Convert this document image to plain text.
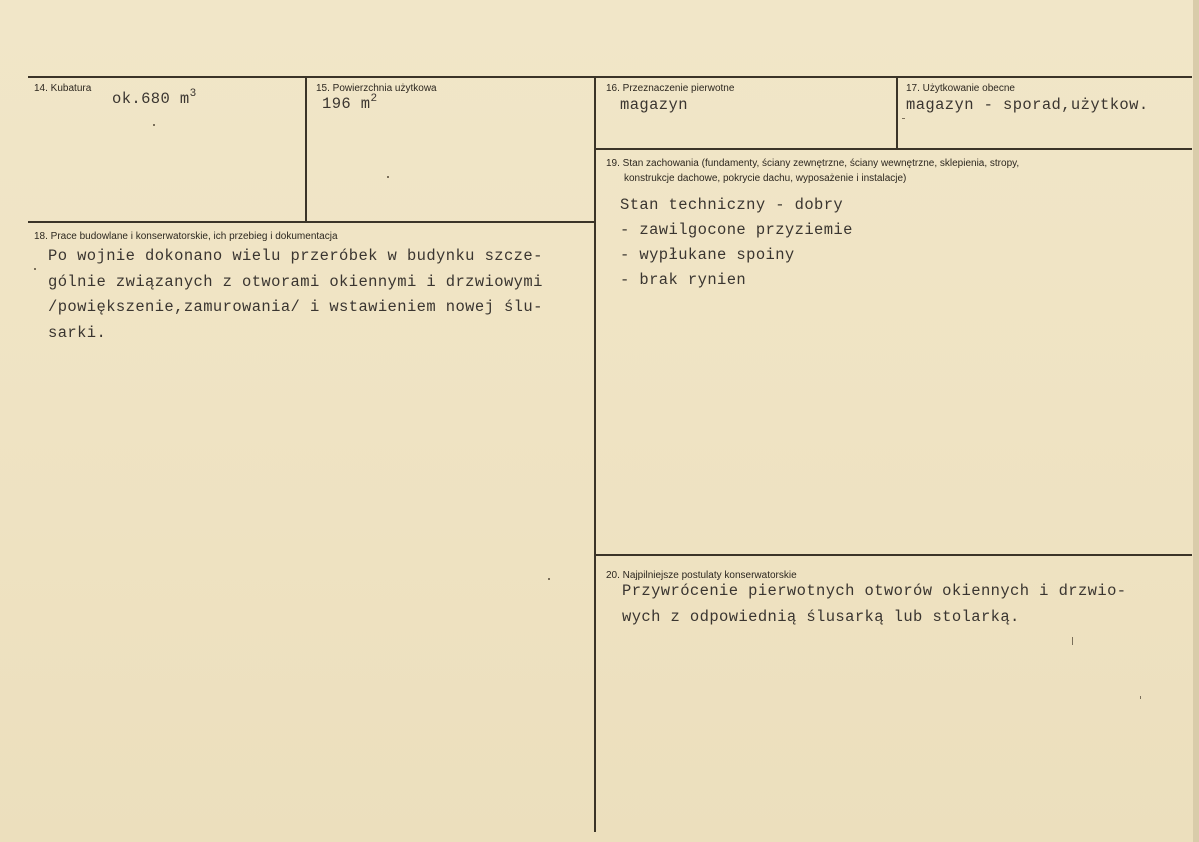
14. Kubatura
ok.680 $m^3$	15. Powierzchnia użytkowa
196 $m^2$
16. Przeznaczenie pierwotne
magazyn
17. Użytkowanie obecne
magazyn - sporad,użytkow.
19. Stan zachowania (fundamenty, ściany zewnętrzne, ściany wewnętrzne, sklepienia, stropy,
konstrukcje dachowe, pokrycie dachu, wyposażenie i instalacje)
Stan techniczny - dobry
- zawilgocone przyziemie
- wypłukane spoiny
- brak rynien
18. Prace budowlane i konserwatorskie, ich przebieg i dokumentacja
Po wojnie dokonano wielu przeróbek w budynku szcze-
gólnie związanych z otworami okiennymi i drzwiowymi
/powiększenie,zamurowania/ i wstawieniem nowej ślu-
sarki.
20. Najpilniejsze postulaty konserwatorskie
Przywrócenie pierwotnych otworów okiennych i drzwio-
wych z odpowiednią ślusarką lub stolarką.
